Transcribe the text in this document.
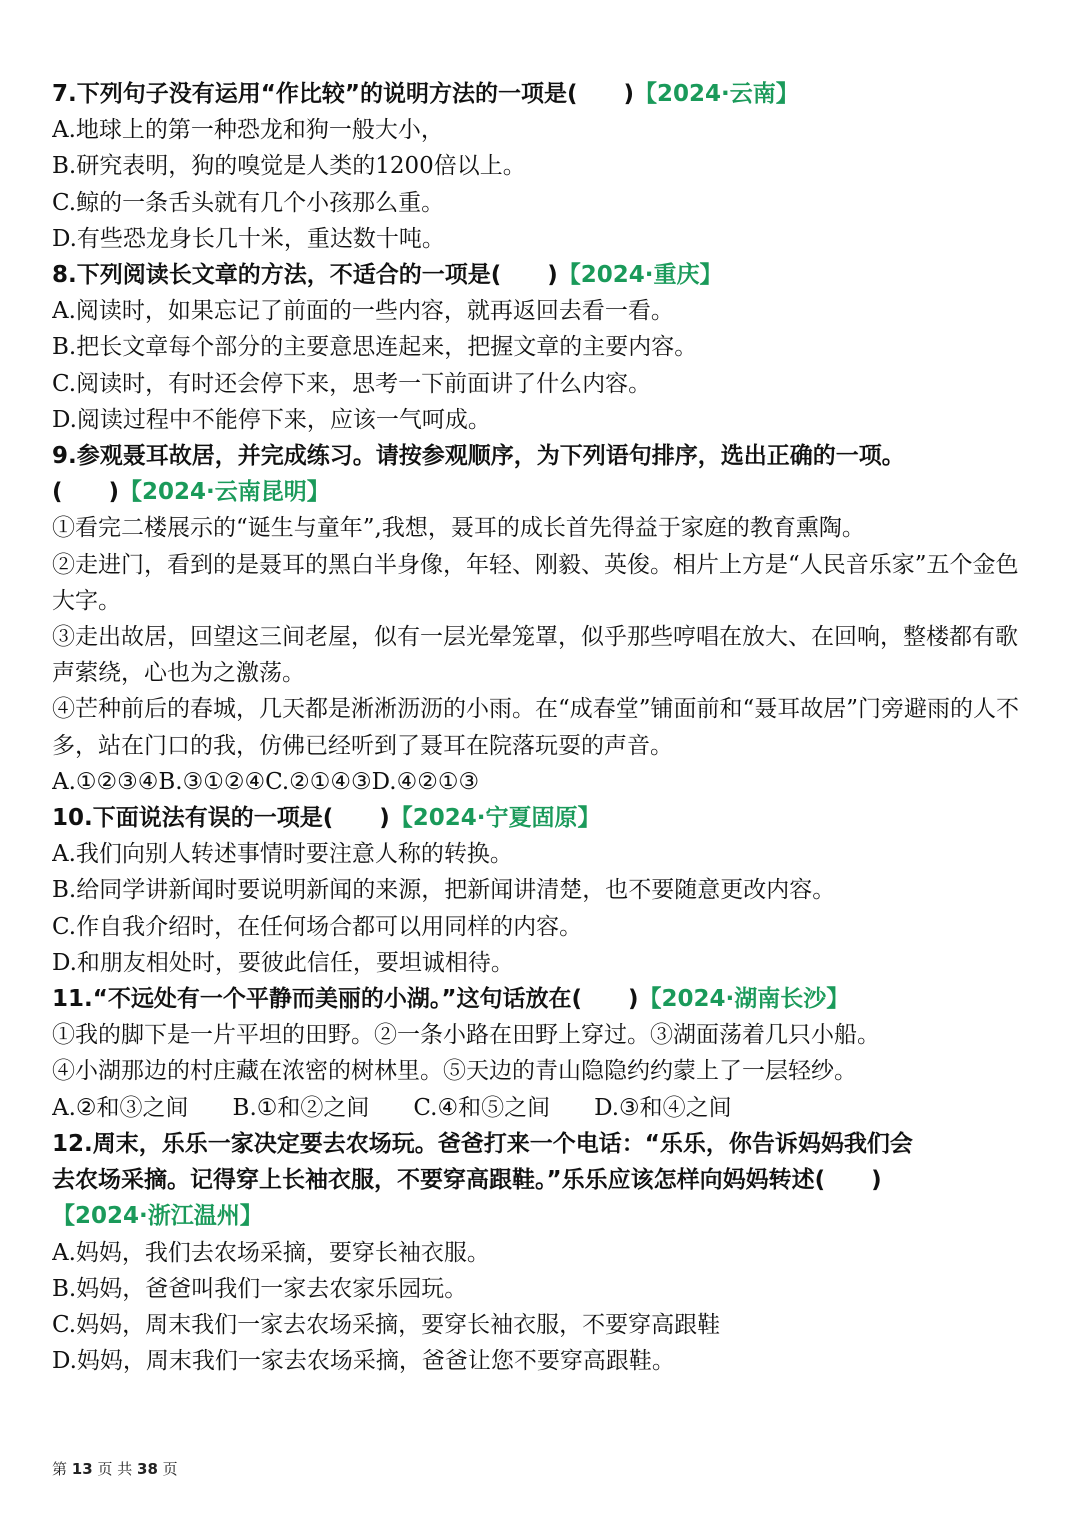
7.下列句子没有运用“作比较”的说明方法的一项是(　　)【2024·云南】
A.地球上的第一种恐龙和狗一般大小，
B.研究表明，狗的嗅觉是人类的1200倍以上。
C.鲸的一条舌头就有几个小孩那么重。
D.有些恐龙身长几十米，重达数十吨。
8.下列阅读长文章的方法，不适合的一项是(　　)【2024·重庆】
A.阅读时，如果忘记了前面的一些内容，就再返回去看一看。
B.把长文章每个部分的主要意思连起来，把握文章的主要内容。
C.阅读时，有时还会停下来，思考一下前面讲了什么内容。
D.阅读过程中不能停下来，应该一气呵成。
9.参观聂耳故居，并完成练习。请按参观顺序，为下列语句排序，选出正确的一项。
(　　)【2024·云南昆明】
①看完二楼展示的“诞生与童年”,我想，聂耳的成长首先得益于家庭的教育熏陶。
②走进门，看到的是聂耳的黑白半身像，年轻、刚毅、英俊。相片上方是“人民音乐家”五个金色大字。
③走出故居，回望这三间老屋，似有一层光晕笼罩，似乎那些哼唱在放大、在回响，整楼都有歌声萦绕，心也为之激荡。
④芒种前后的春城，几天都是淅淅沥沥的小雨。在“成春堂”铺面前和“聂耳故居”门旁避雨的人不多，站在门口的我，仿佛已经听到了聂耳在院落玩耍的声音。
A.①②③④B.③①②④C.②①④③D.④②①③
10.下面说法有误的一项是(　　)【2024·宁夏固原】
A.我们向别人转述事情时要注意人称的转换。
B.给同学讲新闻时要说明新闻的来源，把新闻讲清楚，也不要随意更改内容。
C.作自我介绍时，在任何场合都可以用同样的内容。
D.和朋友相处时，要彼此信任，要坦诚相待。
11.“不远处有一个平静而美丽的小湖。”这句话放在(　　)【2024·湖南长沙】
①我的脚下是一片平坦的田野。②一条小路在田野上穿过。③湖面荡着几只小船。
④小湖那边的村庄藏在浓密的树林里。⑤天边的青山隐隐约约蒙上了一层轻纱。
A.②和③之间 B.①和②之间 C.④和⑤之间 D.③和④之间
12.周末，乐乐一家决定要去农场玩。爸爸打来一个电话：“乐乐，你告诉妈妈我们会
去农场采摘。记得穿上长袖衣服，不要穿高跟鞋。”乐乐应该怎样向妈妈转述(　　)
【2024·浙江温州】
A.妈妈，我们去农场采摘，要穿长袖衣服。
B.妈妈，爸爸叫我们一家去农家乐园玩。
C.妈妈，周末我们一家去农场采摘，要穿长袖衣服，不要穿高跟鞋
D.妈妈，周末我们一家去农场采摘，爸爸让您不要穿高跟鞋。
第 13 页 共 38 页
